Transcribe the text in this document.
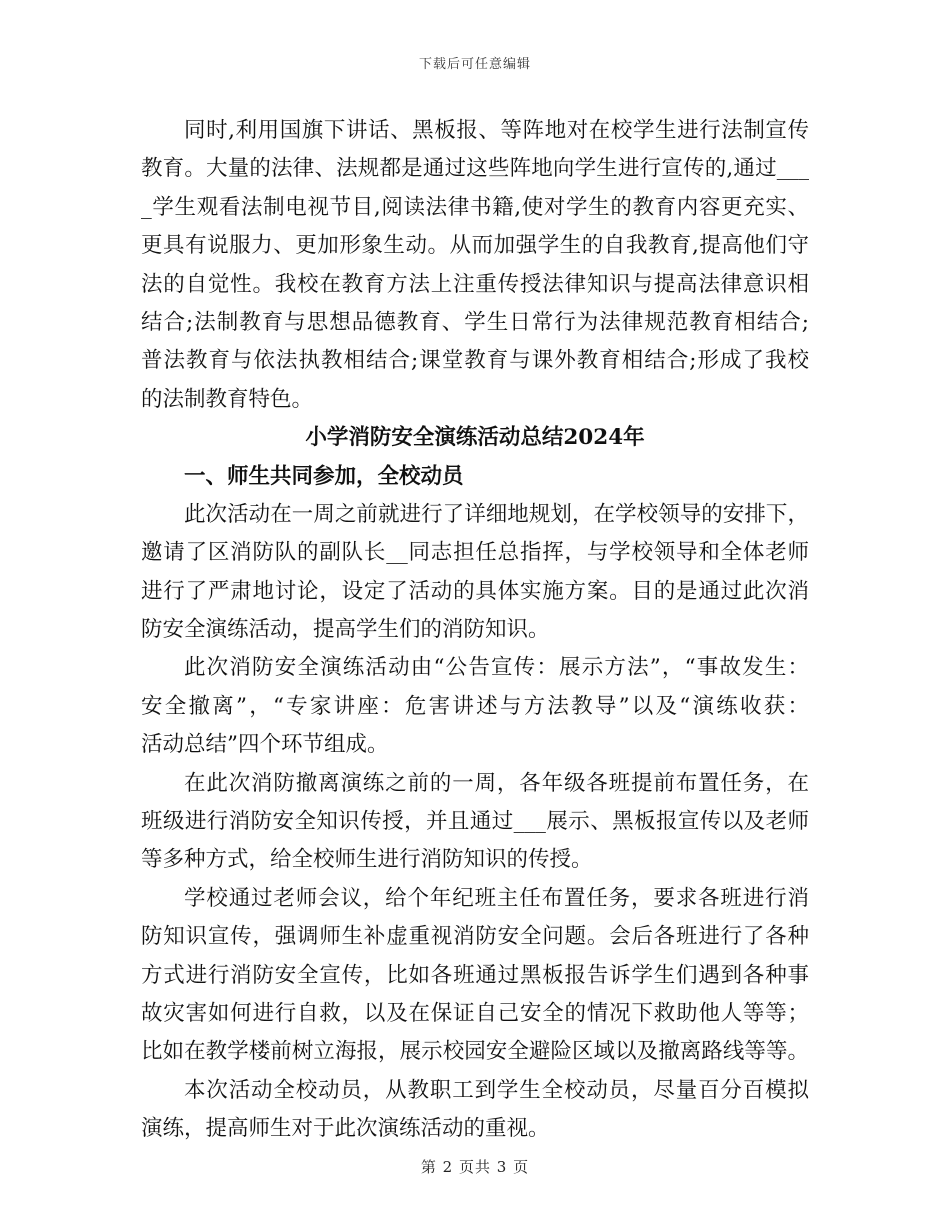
下载后可任意编辑
同时,利用国旗下讲话、黑板报、等阵地对在校学生进行法制宣传
教育。大量的法律、法规都是通过这些阵地向学生进行宣传的,通过___
_学生观看法制电视节目,阅读法律书籍,使对学生的教育内容更充实、
更具有说服力、更加形象生动。从而加强学生的自我教育,提高他们守
法的自觉性。我校在教育方法上注重传授法律知识与提高法律意识相
结合;法制教育与思想品德教育、学生日常行为法律规范教育相结合;
普法教育与依法执教相结合;课堂教育与课外教育相结合;形成了我校
的法制教育特色。
小学消防安全演练活动总结2024年
一、师生共同参加，全校动员
此次活动在一周之前就进行了详细地规划，在学校领导的安排下，
邀请了区消防队的副队长__同志担任总指挥，与学校领导和全体老师
进行了严肃地讨论，设定了活动的具体实施方案。目的是通过此次消
防安全演练活动，提高学生们的消防知识。
此次消防安全演练活动由“公告宣传：展示方法”，“事故发生：
安全撤离”，“专家讲座：危害讲述与方法教导”以及“演练收获：
活动总结”四个环节组成。
在此次消防撤离演练之前的一周，各年级各班提前布置任务，在
班级进行消防安全知识传授，并且通过___展示、黑板报宣传以及老师
等多种方式，给全校师生进行消防知识的传授。
学校通过老师会议，给个年纪班主任布置任务，要求各班进行消
防知识宣传，强调师生补虚重视消防安全问题。会后各班进行了各种
方式进行消防安全宣传，比如各班通过黑板报告诉学生们遇到各种事
故灾害如何进行自救，以及在保证自己安全的情况下救助他人等等；
比如在教学楼前树立海报，展示校园安全避险区域以及撤离路线等等。
本次活动全校动员，从教职工到学生全校动员，尽量百分百模拟
演练，提高师生对于此次演练活动的重视。
第 2 页共 3 页
